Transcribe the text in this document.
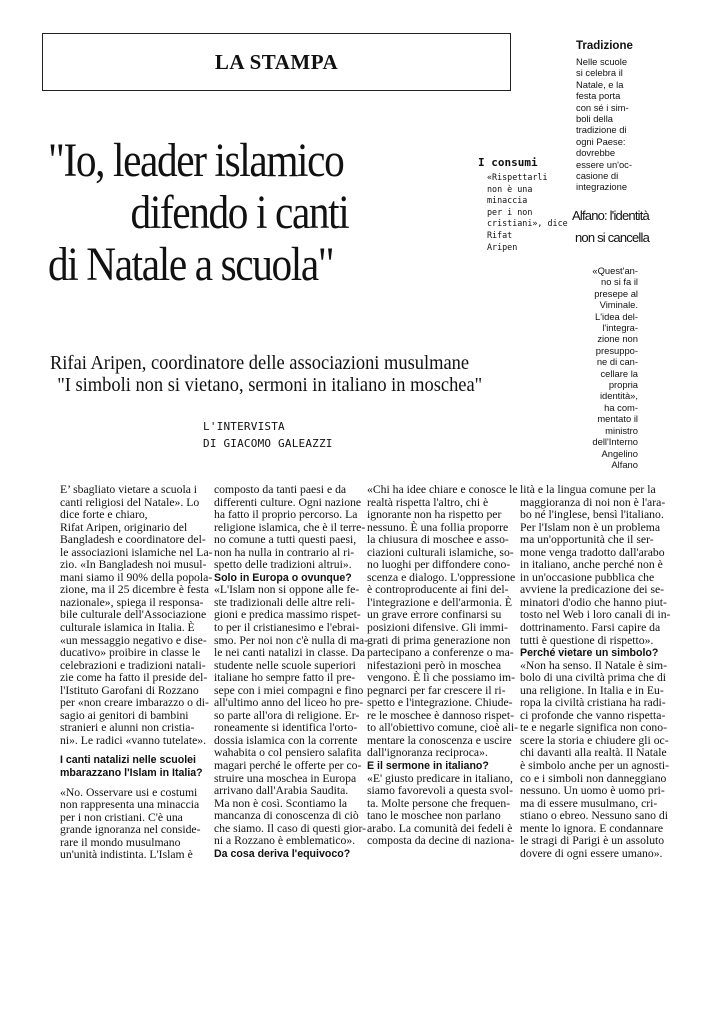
LA STAMPA
"Io, leader islamico
difendo i canti
di Natale a scuola"
Rifai Aripen, coordinatore delle associazioni musulmane
"I simboli non si vietano, sermoni in italiano in moschea"
L'INTERVISTA
DI GIACOMO GALEAZZI
Tradizione
Nelle scuole
si celebra il
Natale, e la
festa porta
con sé i sim-
boli della
tradizione di
ogni Paese:
dovrebbe
essere un'oc-
casione di
integrazione
I consumi
«Rispettarli
non è una
minaccia
per i non
cristiani», dice
Rifat
Aripen
Alfano: l'identità
non si cancella
«Quest'an-
no si fa il
presepe al
Viminale.
L'idea del-
l'integra-
zione non
presuppo-
ne di can-
cellare la
propria
identità»,
ha com-
mentato il
ministro
dell'Interno
Angelino
Alfano
E’ sbagliato vietare a scuola i
canti religiosi del Natale». Lo
dice forte e chiaro,
Rifat Aripen, originario del
Bangladesh e coordinatore del-
le associazioni islamiche nel La-
zio. «In Bangladesh noi musul-
mani siamo il 90% della popola-
zione, ma il 25 dicembre è festa
nazionale», spiega il responsa-
bile culturale dell'Associazione
culturale islamica in Italia. È
«un messaggio negativo e dise-
ducativo» proibire in classe le
celebrazioni e tradizioni natali-
zie come ha fatto il preside del-
l'Istituto Garofani di Rozzano
per «non creare imbarazzo o di-
sagio ai genitori di bambini
stranieri e alunni non cristia-
ni». Le radici «vanno tutelate».
I canti natalizi nelle scuolei
mbarazzano l'Islam in Italia?
«No. Osservare usi e costumi
non rappresenta una minaccia
per i non cristiani. C'è una
grande ignoranza nel conside-
rare il mondo musulmano
un'unità indistinta. L'Islam è
composto da tanti paesi e da
differenti culture. Ogni nazione
ha fatto il proprio percorso. La
religione islamica, che è il terre-
no comune a tutti questi paesi,
non ha nulla in contrario al ri-
spetto delle tradizioni altrui».
Solo in Europa o ovunque?
«L'Islam non si oppone alle fe-
ste tradizionali delle altre reli-
gioni e predica massimo rispet-
to per il cristianesimo e l'ebrai-
smo. Per noi non c'è nulla di ma-
le nei canti natalizi in classe. Da
studente nelle scuole superiori
italiane ho sempre fatto il pre-
sepe con i miei compagni e fino
all'ultimo anno del liceo ho pre-
so parte all'ora di religione. Er-
roneamente si identifica l'orto-
dossia islamica con la corrente
wahabita o col pensiero salafita
magari perché le offerte per co-
struire una moschea in Europa
arrivano dall'Arabia Saudita.
Ma non è così. Scontiamo la
mancanza di conoscenza di ciò
che siamo. Il caso di questi gior-
ni a Rozzano è emblematico».
Da cosa deriva l'equivoco?
«Chi ha idee chiare e conosce le
realtà rispetta l'altro, chi è
ignorante non ha rispetto per
nessuno. È una follia proporre
la chiusura di moschee e asso-
ciazioni culturali islamiche, so-
no luoghi per diffondere cono-
scenza e dialogo. L'oppressione
è controproducente ai fini del-
l'integrazione e dell'armonia. È
un grave errore confinarsi su
posizioni difensive. Gli immi-
grati di prima generazione non
partecipano a conferenze o ma-
nifestazioni però in moschea
vengono. È lì che possiamo im-
pegnarci per far crescere il ri-
spetto e l'integrazione. Chiude-
re le moschee è dannoso rispet-
to all'obiettivo comune, cioè ali-
mentare la conoscenza e uscire
dall'ignoranza reciproca».
E il sermone in italiano?
«E' giusto predicare in italiano,
siamo favorevoli a questa svol-
ta. Molte persone che frequen-
tano le moschee non parlano
arabo. La comunità dei fedeli è
composta da decine di naziona-
lità e la lingua comune per la
maggioranza di noi non è l'ara-
bo né l'inglese, bensì l'italiano.
Per l'Islam non è un problema
ma un'opportunità che il ser-
mone venga tradotto dall'arabo
in italiano, anche perché non è
in un'occasione pubblica che
avviene la predicazione dei se-
minatori d'odio che hanno piut-
tosto nel Web i loro canali di in-
dottrinamento. Farsi capire da
tutti è questione di rispetto».
Perché vietare un simbolo?
«Non ha senso. Il Natale è sim-
bolo di una civiltà prima che di
una religione. In Italia e in Eu-
ropa la civiltà cristiana ha radi-
ci profonde che vanno rispetta-
te e negarle significa non cono-
scere la storia e chiudere gli oc-
chi davanti alla realtà. Il Natale
è simbolo anche per un agnosti-
co e i simboli non danneggiano
nessuno. Un uomo è uomo pri-
ma di essere musulmano, cri-
stiano o ebreo. Nessuno sano di
mente lo ignora. E condannare
le stragi di Parigi è un assoluto
dovere di ogni essere umano».
